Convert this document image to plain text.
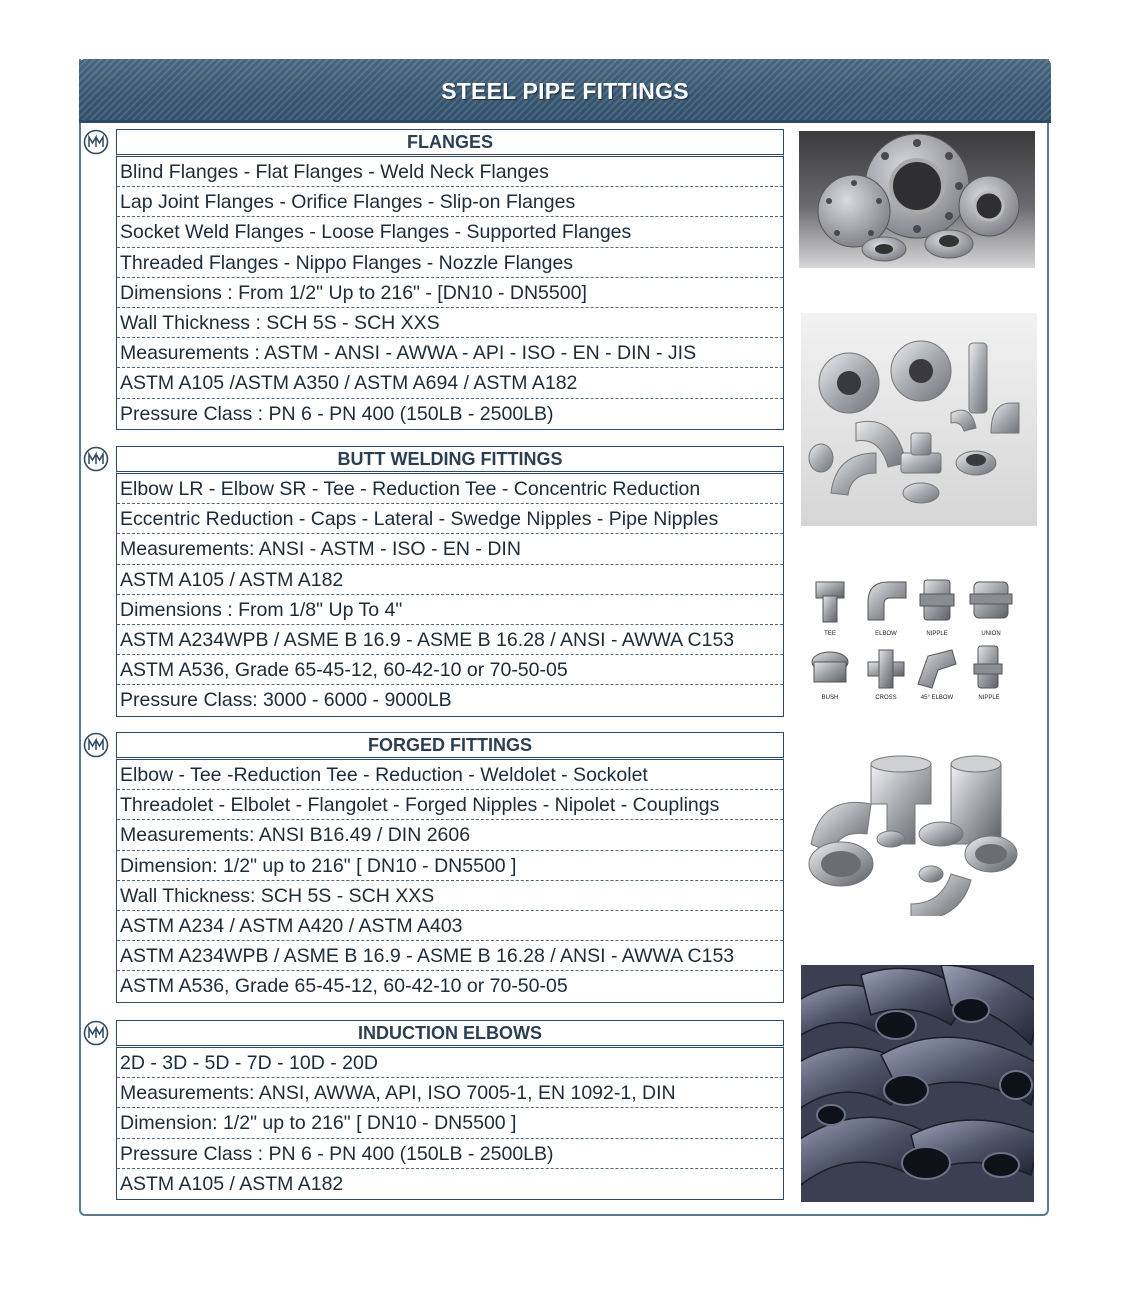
STEEL PIPE FITTINGS
FLANGES
Blind Flanges - Flat Flanges - Weld Neck Flanges
Lap Joint Flanges - Orifice Flanges - Slip-on Flanges
Socket Weld Flanges - Loose Flanges - Supported Flanges
Threaded Flanges - Nippo Flanges - Nozzle Flanges
Dimensions : From 1/2" Up to 216" - [DN10 - DN5500]
Wall Thickness : SCH 5S - SCH XXS
Measurements : ASTM - ANSI - AWWA - API - ISO - EN - DIN - JIS
ASTM A105 /ASTM A350 / ASTM A694 / ASTM A182
Pressure Class : PN 6 - PN 400 (150LB - 2500LB)
BUTT WELDING FITTINGS
Elbow LR - Elbow SR - Tee - Reduction Tee - Concentric Reduction
Eccentric Reduction - Caps - Lateral - Swedge Nipples - Pipe Nipples
Measurements: ANSI - ASTM - ISO - EN - DIN
ASTM A105 / ASTM A182
Dimensions : From 1/8" Up To 4"
ASTM A234WPB / ASME B 16.9 - ASME B 16.28 / ANSI - AWWA C153
ASTM A536, Grade 65-45-12, 60-42-10 or 70-50-05
Pressure Class: 3000 - 6000 - 9000LB
FORGED FITTINGS
Elbow - Tee -Reduction Tee - Reduction - Weldolet - Sockolet
Threadolet - Elbolet - Flangolet - Forged Nipples - Nipolet - Couplings
Measurements: ANSI B16.49 / DIN 2606
Dimension: 1/2" up to 216" [ DN10 - DN5500 ]
Wall Thickness: SCH 5S - SCH XXS
ASTM A234 / ASTM A420 / ASTM A403
ASTM A234WPB / ASME B 16.9 - ASME B 16.28 / ANSI - AWWA C153
ASTM A536, Grade 65-45-12, 60-42-10 or 70-50-05
INDUCTION ELBOWS
2D - 3D - 5D - 7D - 10D - 20D
Measurements: ANSI, AWWA, API, ISO 7005-1, EN 1092-1, DIN
Dimension: 1/2" up to 216" [ DN10 - DN5500 ]
Pressure Class : PN 6 - PN 400 (150LB - 2500LB)
ASTM A105 / ASTM A182
TEE	ELBOW	NIPPLE	UNION
BUSH	CROSS	45° ELBOW	NIPPLE
